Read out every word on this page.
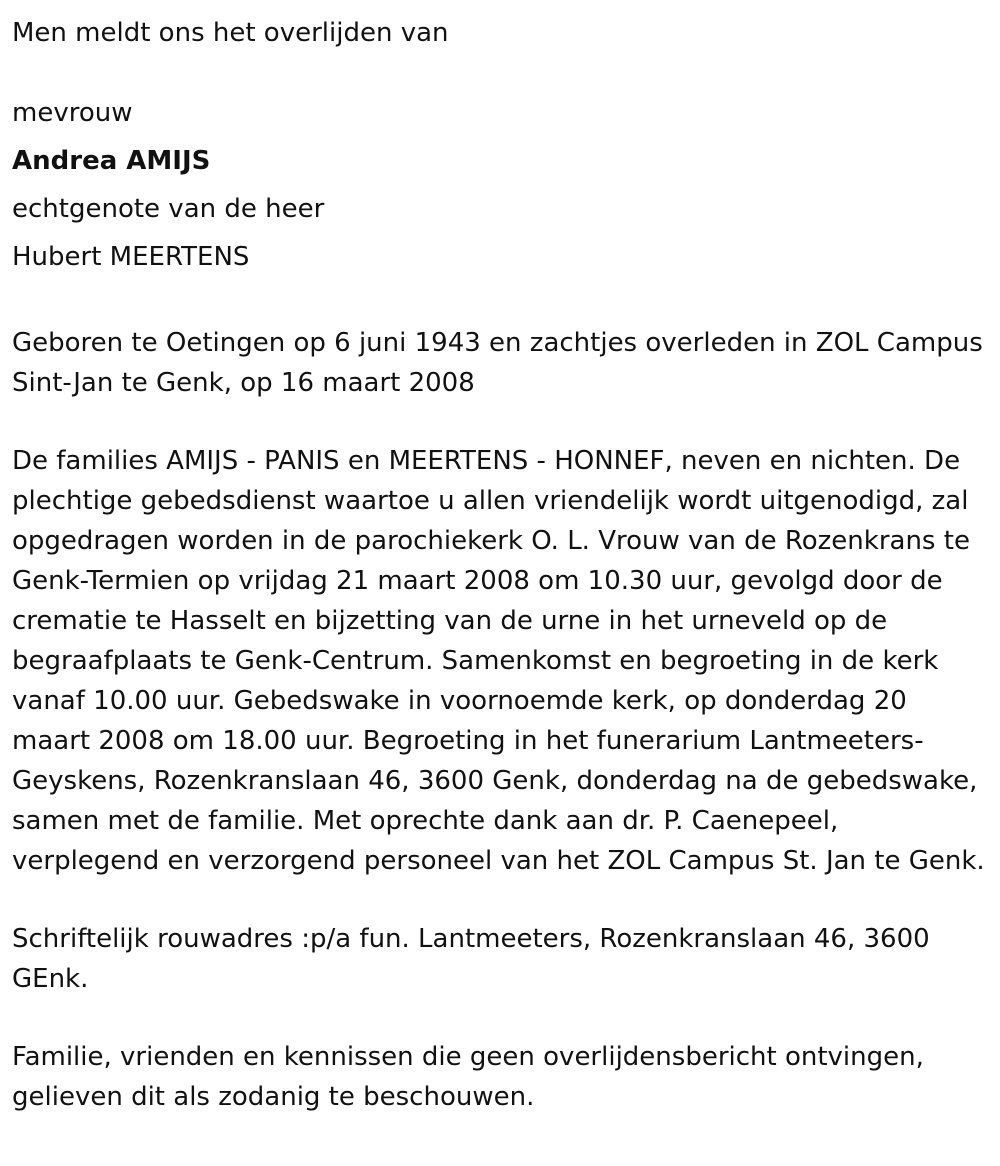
Men meldt ons het overlijden van

mevrouw

Andrea AMIJS

echtgenote van de heer

Hubert MEERTENS

Geboren te Oetingen op 6 juni 1943 en zachtjes overleden in ZOL Campus Sint-Jan te Genk, op 16 maart 2008

De families AMIJS - PANIS en MEERTENS - HONNEF, neven en nichten. De plechtige gebedsdienst waartoe u allen vriendelijk wordt uitgenodigd, zal opgedragen worden in de parochiekerk O. L. Vrouw van de Rozenkrans te Genk-Termien op vrijdag 21 maart 2008 om 10.30 uur, gevolgd door de crematie te Hasselt en bijzetting van de urne in het urneveld op de begraafplaats te Genk-Centrum. Samenkomst en begroeting in de kerk vanaf 10.00 uur. Gebedswake in voornoemde kerk, op donderdag 20 maart 2008 om 18.00 uur. Begroeting in het funerarium Lantmeeters-Geyskens, Rozenkranslaan 46, 3600 Genk, donderdag na de gebedswake, samen met de familie. Met oprechte dank aan dr. P. Caenepeel, verplegend en verzorgend personeel van het ZOL Campus St. Jan te Genk.

Schriftelijk rouwadres :p/a fun. Lantmeeters, Rozenkranslaan 46, 3600 GEnk.

Familie, vrienden en kennissen die geen overlijdensbericht ontvingen, gelieven dit als zodanig te beschouwen.
